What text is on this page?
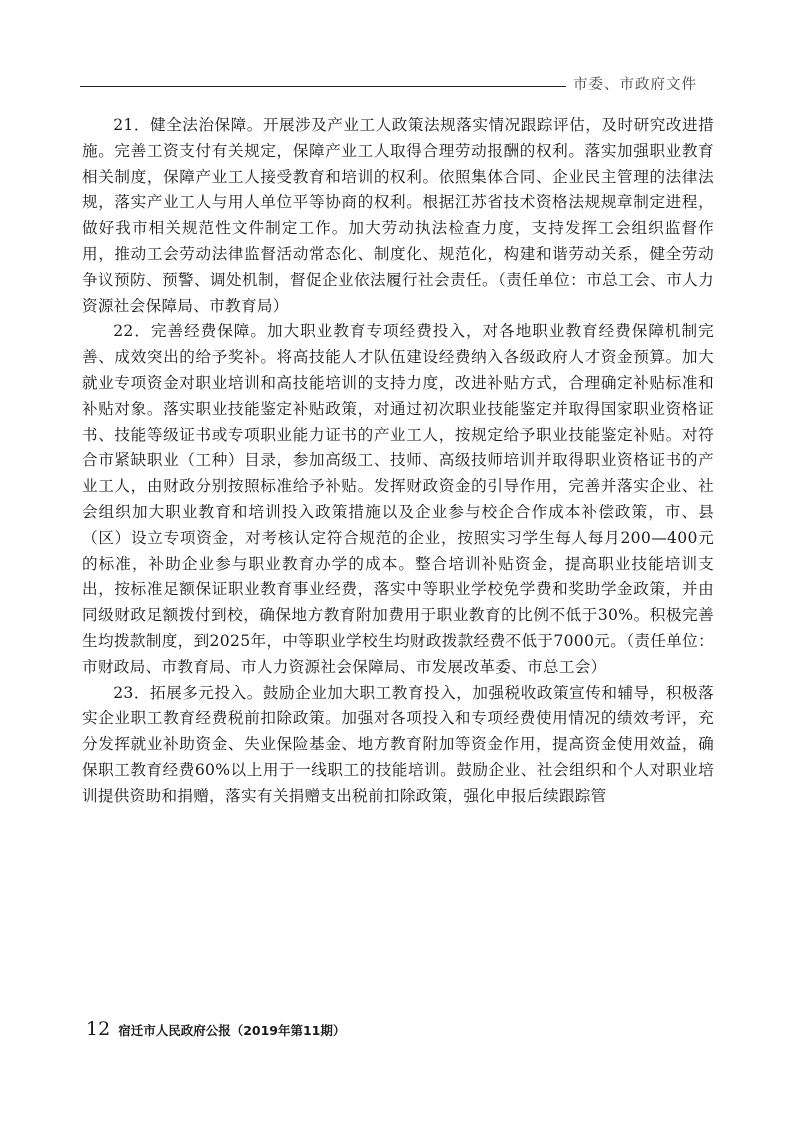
市委、市政府文件

21．健全法治保障。开展涉及产业工人政策法规落实情况跟踪评估，及时研究改进措施。完善工资支付有关规定，保障产业工人取得合理劳动报酬的权利。落实加强职业教育相关制度，保障产业工人接受教育和培训的权利。依照集体合同、企业民主管理的法律法规，落实产业工人与用人单位平等协商的权利。根据江苏省技术资格法规规章制定进程，做好我市相关规范性文件制定工作。加大劳动执法检查力度，支持发挥工会组织监督作用，推动工会劳动法律监督活动常态化、制度化、规范化，构建和谐劳动关系，健全劳动争议预防、预警、调处机制，督促企业依法履行社会责任。（责任单位：市总工会、市人力资源社会保障局、市教育局）

22．完善经费保障。加大职业教育专项经费投入，对各地职业教育经费保障机制完善、成效突出的给予奖补。将高技能人才队伍建设经费纳入各级政府人才资金预算。加大就业专项资金对职业培训和高技能培训的支持力度，改进补贴方式，合理确定补贴标准和补贴对象。落实职业技能鉴定补贴政策，对通过初次职业技能鉴定并取得国家职业资格证书、技能等级证书或专项职业能力证书的产业工人，按规定给予职业技能鉴定补贴。对符合市紧缺职业（工种）目录，参加高级工、技师、高级技师培训并取得职业资格证书的产业工人，由财政分别按照标准给予补贴。发挥财政资金的引导作用，完善并落实企业、社会组织加大职业教育和培训投入政策措施以及企业参与校企合作成本补偿政策，市、县（区）设立专项资金，对考核认定符合规范的企业，按照实习学生每人每月200—400元的标准，补助企业参与职业教育办学的成本。整合培训补贴资金，提高职业技能培训支出，按标准足额保证职业教育事业经费，落实中等职业学校免学费和奖助学金政策，并由同级财政足额拨付到校，确保地方教育附加费用于职业教育的比例不低于30%。积极完善生均拨款制度，到2025年，中等职业学校生均财政拨款经费不低于7000元。（责任单位：市财政局、市教育局、市人力资源社会保障局、市发展改革委、市总工会）

23．拓展多元投入。鼓励企业加大职工教育投入，加强税收政策宣传和辅导，积极落实企业职工教育经费税前扣除政策。加强对各项投入和专项经费使用情况的绩效考评，充分发挥就业补助资金、失业保险基金、地方教育附加等资金作用，提高资金使用效益，确保职工教育经费60%以上用于一线职工的技能培训。鼓励企业、社会组织和个人对职业培训提供资助和捐赠，落实有关捐赠支出税前扣除政策，强化申报后续跟踪管

12 宿迁市人民政府公报（2019年第11期）
